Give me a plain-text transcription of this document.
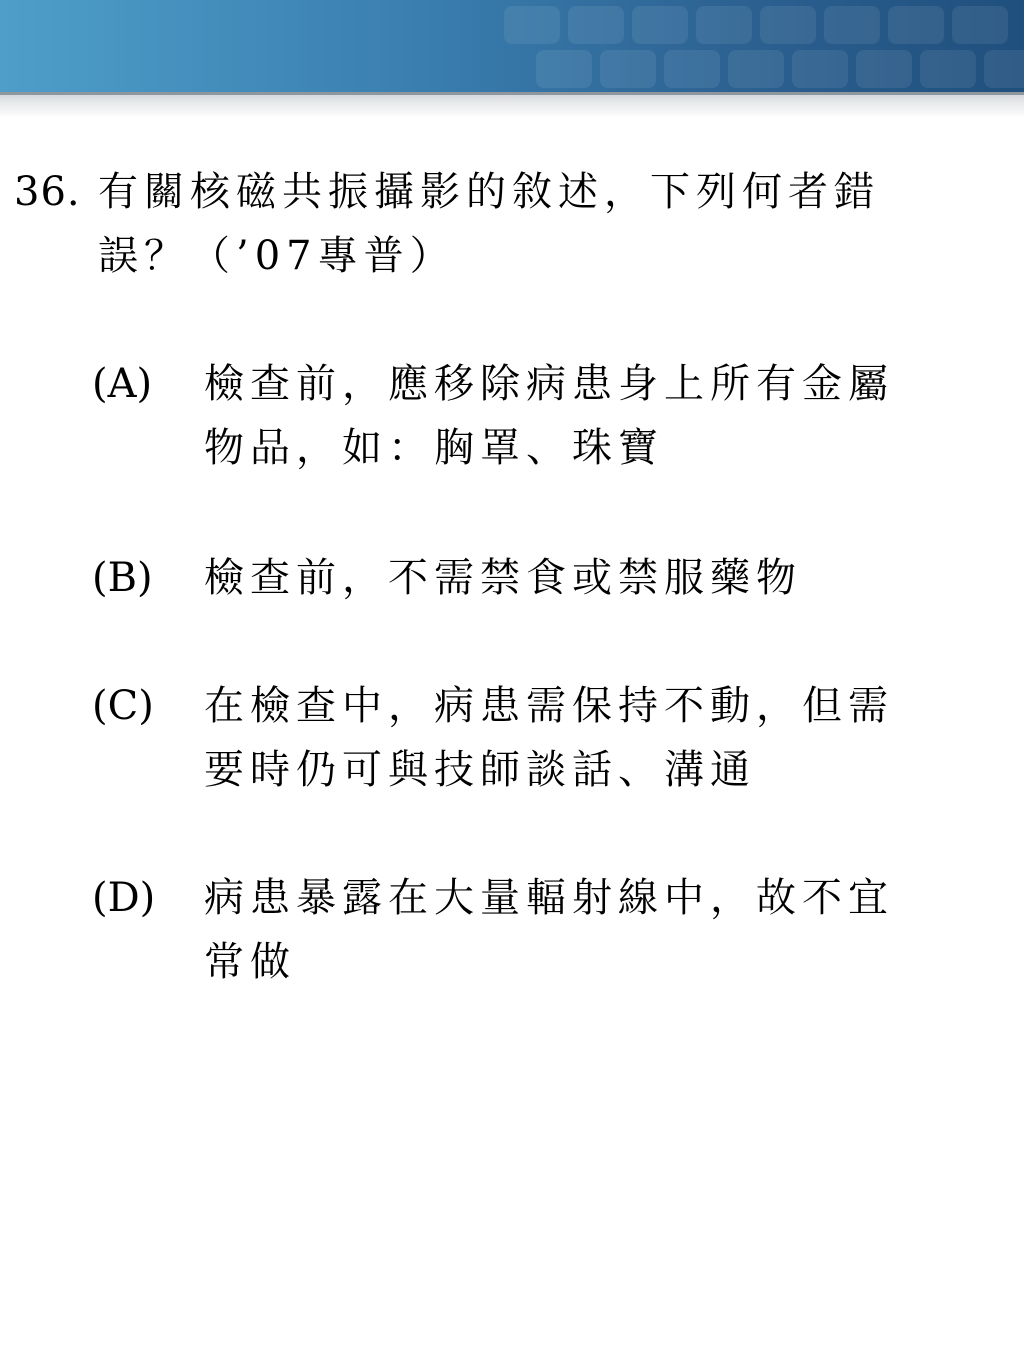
36. 有關核磁共振攝影的敘述，下列何者錯
誤？（’07專普）
(A) 檢查前，應移除病患身上所有金屬
物品，如：胸罩、珠寶
(B) 檢查前，不需禁食或禁服藥物
(C) 在檢查中，病患需保持不動，但需
要時仍可與技師談話、溝通
(D) 病患暴露在大量輻射線中，故不宜
常做
